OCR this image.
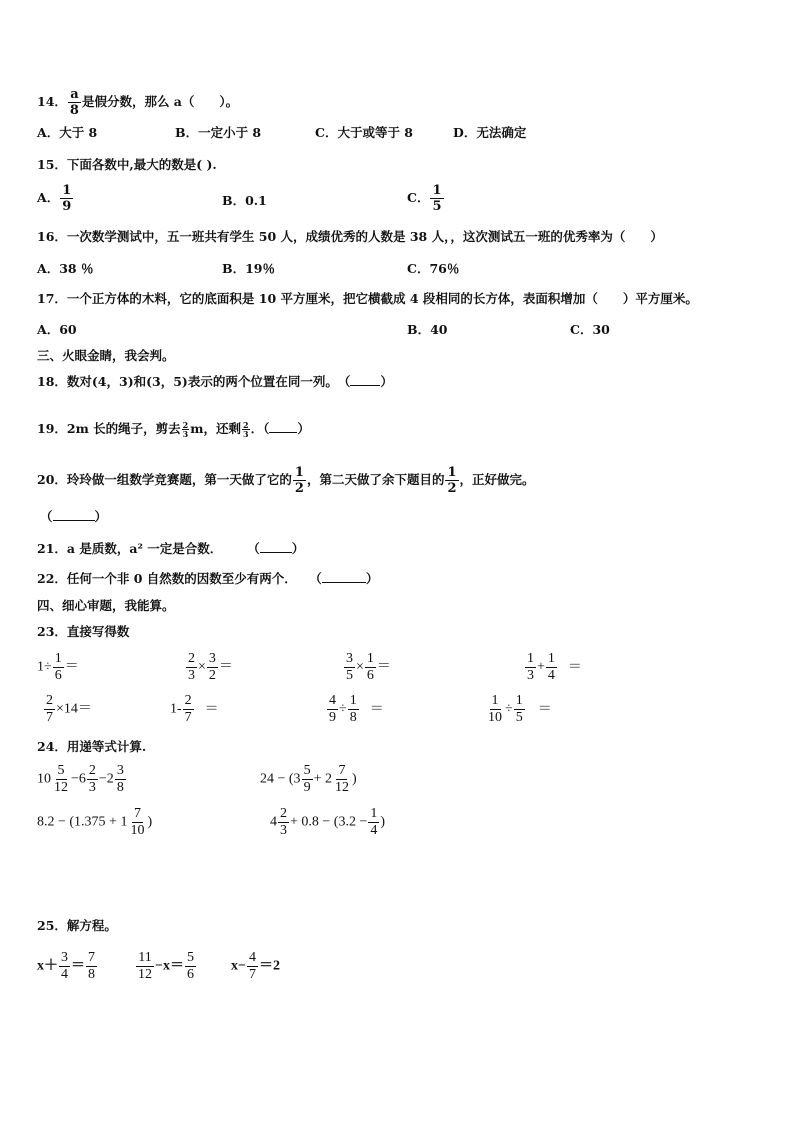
14． $\frac{a}{8}$ 是假分数，那么 a（　　）。
A．大于 8	B．一定小于 8	C．大于或等于 8	D．无法确定
15．下面各数中,最大的数是( ).
A． $\frac{1}{9}$	B．0.1	C． $\frac{1}{5}$
16．一次数学测试中，五一班共有学生 50 人，成绩优秀的人数是 38 人，，这次测试五一班的优秀率为（　　）
A．38 ％	B．19％	C．76％
17．一个正方体的木料，它的底面积是 10 平方厘米，把它横截成 4 段相同的长方体，表面积增加（　　）平方厘米。
A．60	B．40	C．30
三、火眼金睛，我会判。
18．数对(4，3)和(3，5)表示的两个位置在同一列。　（ ）
19．2m 长的绳子，剪去 $\frac{2}{3}$ m，还剩 $\frac{2}{3}$ ．（ ）
20．玲玲做一组数学竞赛题，第一天做了它的 $\frac{1}{2}$ ，第二天做了余下题目的 $\frac{1}{2}$ ，正好做完。
（	）
21．a 是质数，a² 一定是合数．　　　（	）
22．任何一个非 0 自然数的因数至少有两个．　　（	）
四、细心审题，我能算。
23．直接写得数
$1\div \frac{1}{6}$ ＝	$\frac{2}{3} \times \frac{3}{2}$ ＝	$\frac{3}{5} \times \frac{1}{6}$ ＝	$\frac{1}{3} + \frac{1}{4}$ ＝
$\frac{2}{7} \times 14=$	$1- \frac{2}{7}$ ＝	$\frac{4}{9} \div \frac{1}{8}$ ＝	$\frac{1}{10} \div \frac{1}{5}$ ＝
24．用递等式计算.
$10 \frac{5}{12} -6 \frac{2}{3} -2 \frac{3}{8}$	$24 - (3 \frac{5}{9} + 2 \frac{7}{12}$ )
$8.2 - (1.375 + 1 \frac{7}{10}$ )	$4 \frac{2}{3} + 0.8 - (3.2 - \frac{1}{4}$ )
25．解方程。
$x+ \frac{3}{4} = \frac{7}{8}$	$\frac{11}{12} -x= \frac{5}{6}$	$x- \frac{4}{7} =2$
